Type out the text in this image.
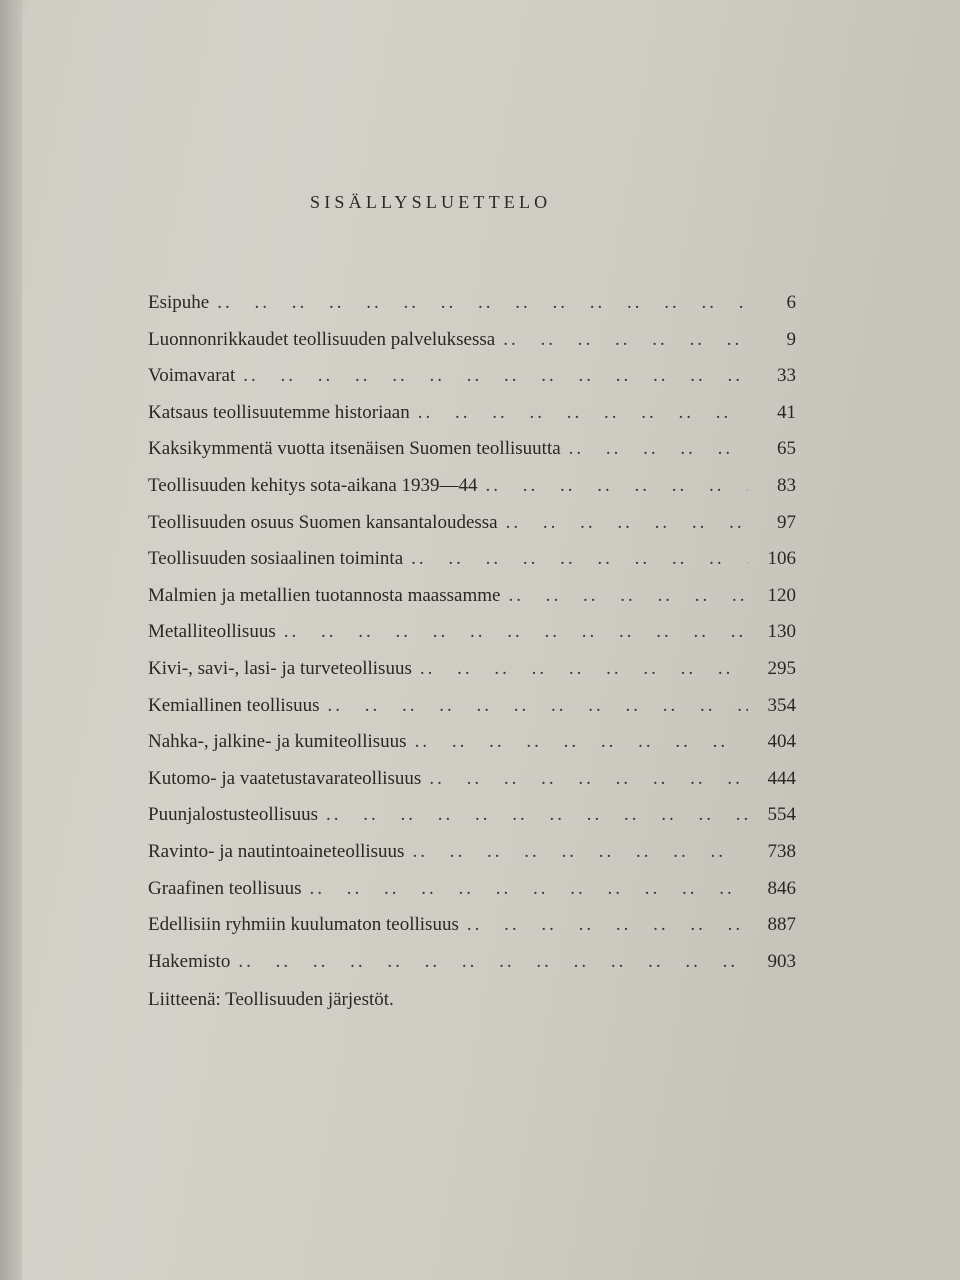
SISÄLLYSLUETTELO
Esipuhe .. ..	6
Luonnonrikkaudet teollisuuden palveluksessa .. ..	9
Voimavarat .. ..	33
Katsaus teollisuutemme historiaan .. ..	41
Kaksikymmentä vuotta itsenäisen Suomen teollisuutta .. ..	65
Teollisuuden kehitys sota-aikana 1939—44 .. ..	83
Teollisuuden osuus Suomen kansantaloudessa .. ..	97
Teollisuuden sosiaalinen toiminta .. ..	106
Malmien ja metallien tuotannosta maassamme .. ..	120
Metalliteollisuus .. ..	130
Kivi-, savi-, lasi- ja turveteollisuus .. ..	295
Kemiallinen teollisuus .. ..	354
Nahka-, jalkine- ja kumiteollisuus .. ..	404
Kutomo- ja vaatetustavarateollisuus .. ..	444
Puunjalostusteollisuus .. ..	554
Ravinto- ja nautintoaineteollisuus .. ..	738
Graafinen teollisuus .. ..	846
Edellisiin ryhmiin kuulumaton teollisuus .. ..	887
Hakemisto .. ..	903
Liitteenä: Teollisuuden järjestöt.
